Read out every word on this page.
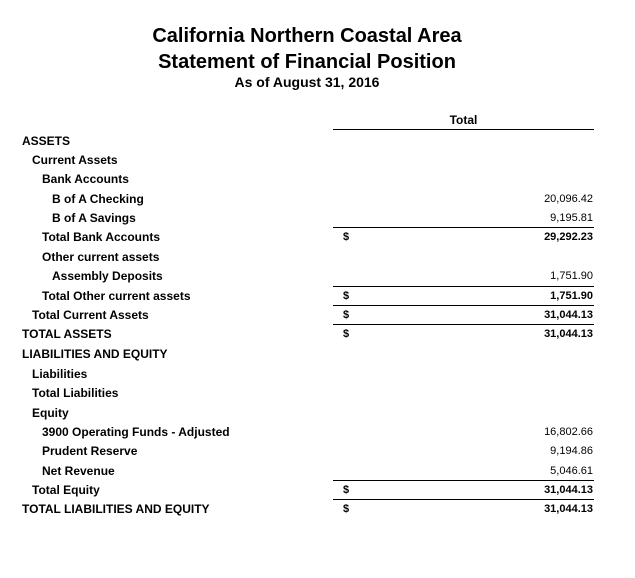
California Northern Coastal Area
Statement of Financial Position
As of August 31, 2016
Total
ASSETS
Current Assets
Bank Accounts
B of A Checking	20,096.42
B of A Savings	9,195.81
Total Bank Accounts	$	29,292.23
Other current assets
Assembly Deposits	1,751.90
Total Other current assets	$	1,751.90
Total Current Assets	$	31,044.13
TOTAL ASSETS	$	31,044.13
LIABILITIES AND EQUITY
Liabilities
Total Liabilities
Equity
3900 Operating Funds - Adjusted	16,802.66
Prudent Reserve	9,194.86
Net Revenue	5,046.61
Total Equity	$	31,044.13
TOTAL LIABILITIES AND EQUITY	$	31,044.13
